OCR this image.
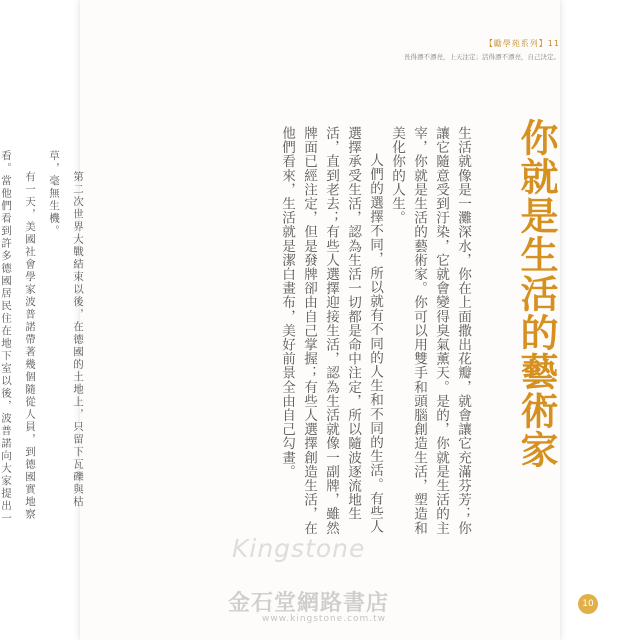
【勵學苑系列】11
長得漂不漂亮，上天注定；活得漂不漂亮，自己決定。
你就是生活的藝術家

生活就像是一灘深水，你在上面撒出花瓣，就會讓它充滿芬芳；你讓它隨意受到汙染，它就會變得臭氣薰天。是的，你就是生活的主宰，你就是生活的藝術家。你可以用雙手和頭腦創造生活，塑造和美化你的人生。

人們的選擇不同，所以就有不同的人生和不同的生活。有些人選擇承受生活，認為生活一切都是命中注定，所以隨波逐流地生活，直到老去；有些人選擇迎接生活，認為生活就像一副牌，雖然牌面已經注定，但是發牌卻由自己掌握；有些人選擇創造生活，在他們看來，生活就是潔白畫布，美好前景全由自己勾畫。

第二次世界大戰結束以後，在德國的土地上，只留下瓦礫與枯草，毫無生機。

有一天，美國社會學家波普諾帶著幾個隨從人員，到德國實地察看。當他們看到許多德國居民住在地下室以後，波普諾向大家提出一

10
Kingstone
金石堂網路書店
www.kingstone.com.tw
